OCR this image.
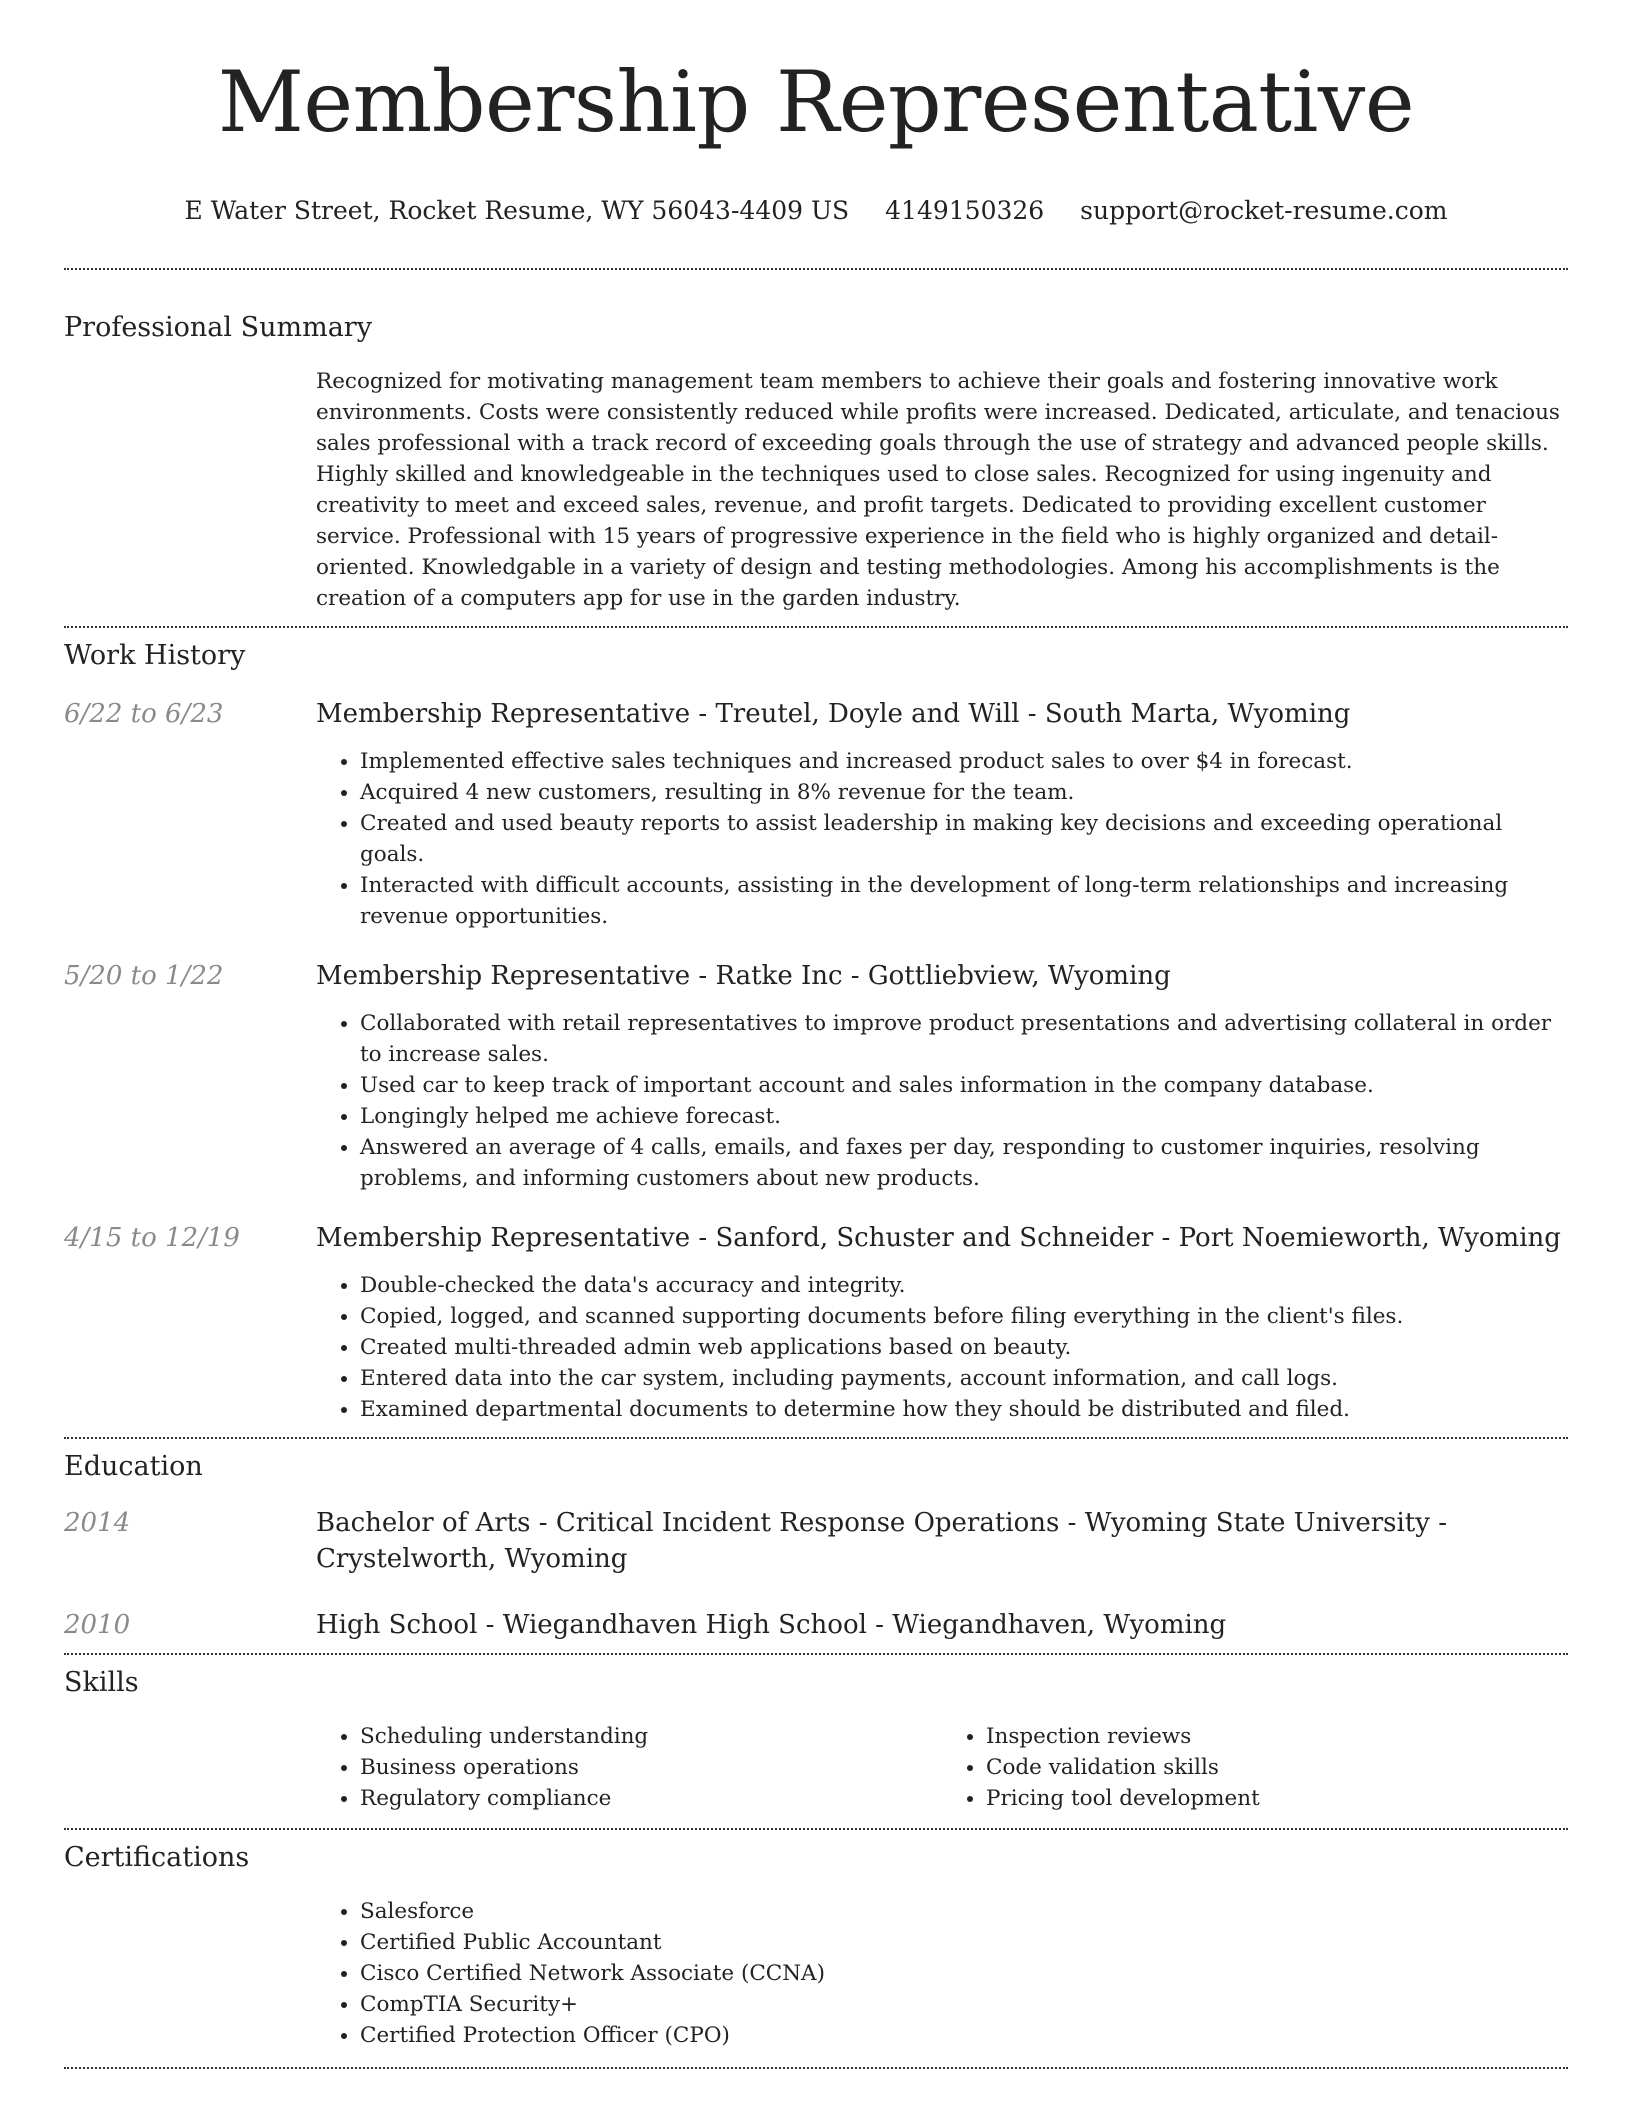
Membership Representative
E Water Street, Rocket Resume, WY 56043-4409 US 4149150326 support@rocket-resume.com
Professional Summary

Recognized for motivating management team members to achieve their goals and fostering innovative work environments. Costs were consistently reduced while profits were increased. Dedicated, articulate, and tenacious sales professional with a track record of exceeding goals through the use of strategy and advanced people skills. Highly skilled and knowledgeable in the techniques used to close sales. Recognized for using ingenuity and creativity to meet and exceed sales, revenue, and profit targets. Dedicated to providing excellent customer service. Professional with 15 years of progressive experience in the field who is highly organized and detail-oriented. Knowledgable in a variety of design and testing methodologies. Among his accomplishments is the creation of a computers app for use in the garden industry.

Work History
6/22 to 6/23	Membership Representative - Treutel, Doyle and Will - South Marta, Wyoming
• Implemented effective sales techniques and increased product sales to over $4 in forecast.
• Acquired 4 new customers, resulting in 8% revenue for the team.
• Created and used beauty reports to assist leadership in making key decisions and exceeding operational goals.
• Interacted with difficult accounts, assisting in the development of long-term relationships and increasing revenue opportunities.
5/20 to 1/22	Membership Representative - Ratke Inc - Gottliebview, Wyoming
• Collaborated with retail representatives to improve product presentations and advertising collateral in order to increase sales.
• Used car to keep track of important account and sales information in the company database.
• Longingly helped me achieve forecast.
• Answered an average of 4 calls, emails, and faxes per day, responding to customer inquiries, resolving problems, and informing customers about new products.
4/15 to 12/19	Membership Representative - Sanford, Schuster and Schneider - Port Noemieworth, Wyoming
• Double-checked the data's accuracy and integrity.
• Copied, logged, and scanned supporting documents before filing everything in the client's files.
• Created multi-threaded admin web applications based on beauty.
• Entered data into the car system, including payments, account information, and call logs.
• Examined departmental documents to determine how they should be distributed and filed.
Education
2014	Bachelor of Arts - Critical Incident Response Operations - Wyoming State University - Crystelworth, Wyoming
2010	High School - Wiegandhaven High School - Wiegandhaven, Wyoming
Skills
• Scheduling understanding
• Business operations
• Regulatory compliance
• Inspection reviews
• Code validation skills
• Pricing tool development
Certifications
• Salesforce
• Certified Public Accountant
• Cisco Certified Network Associate (CCNA)
• CompTIA Security+
• Certified Protection Officer (CPO)
